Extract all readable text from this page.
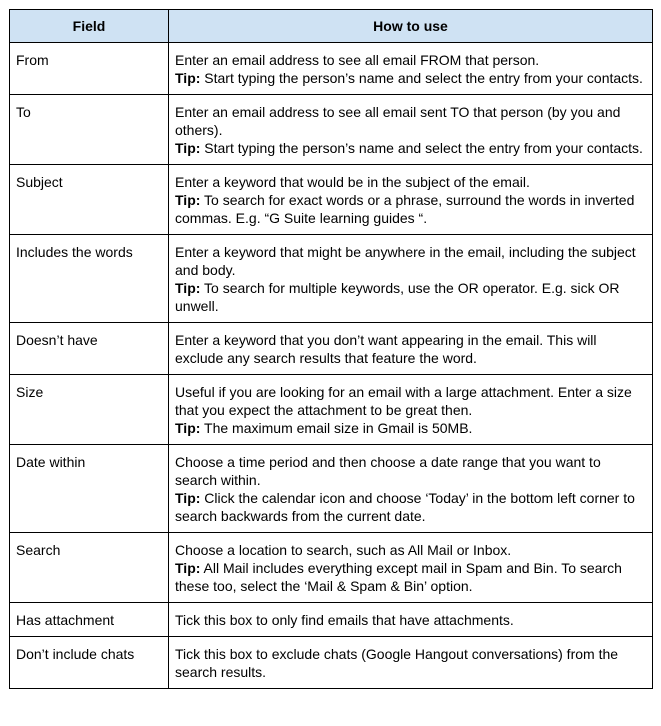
Field	How to use
From	Enter an email address to see all email FROM that person.
Tip: Start typing the person’s name and select the entry from your contacts.

To	Enter an email address to see all email sent TO that person (by you and others).
Tip: Start typing the person’s name and select the entry from your contacts.

Subject	Enter a keyword that would be in the subject of the email.
Tip: To search for exact words or a phrase, surround the words in inverted commas. E.g. “G Suite learning guides “.

Includes the words	Enter a keyword that might be anywhere in the email, including the subject and body.
Tip: To search for multiple keywords, use the OR operator. E.g. sick OR unwell.

Doesn’t have	Enter a keyword that you don’t want appearing in the email. This will exclude any search results that feature the word.

Size	Useful if you are looking for an email with a large attachment. Enter a size that you expect the attachment to be great then.
Tip: The maximum email size in Gmail is 50MB.

Date within	Choose a time period and then choose a date range that you want to search within.
Tip: Click the calendar icon and choose ‘Today’ in the bottom left corner to search backwards from the current date.

Search	Choose a location to search, such as All Mail or Inbox.
Tip: All Mail includes everything except mail in Spam and Bin. To search these too, select the ‘Mail & Spam & Bin’ option.

Has attachment	Tick this box to only find emails that have attachments.

Don’t include chats	Tick this box to exclude chats (Google Hangout conversations) from the search results.
